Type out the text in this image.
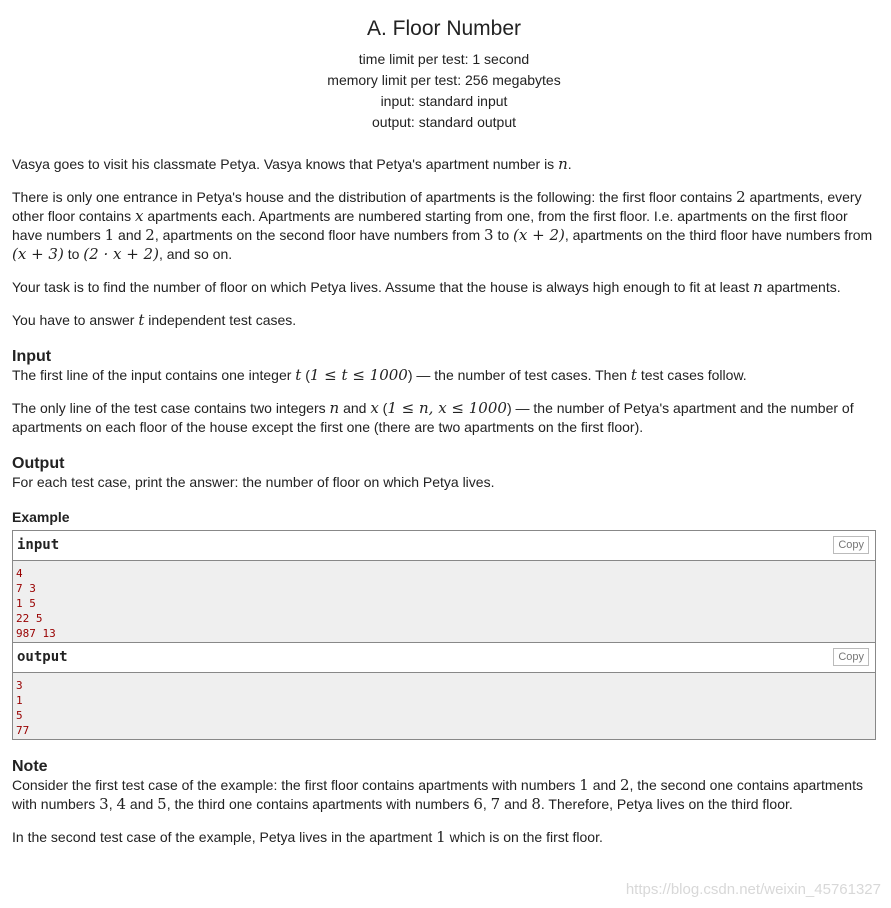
A. Floor Number
time limit per test: 1 second
memory limit per test: 256 megabytes
input: standard input
output: standard output

Vasya goes to visit his classmate Petya. Vasya knows that Petya's apartment number is n.

There is only one entrance in Petya's house and the distribution of apartments is the following: the first floor contains 2 apartments, every other floor contains x apartments each. Apartments are numbered starting from one, from the first floor. I.e. apartments on the first floor have numbers 1 and 2, apartments on the second floor have numbers from 3 to (x + 2), apartments on the third floor have numbers from (x + 3) to (2 · x + 2), and so on.

Your task is to find the number of floor on which Petya lives. Assume that the house is always high enough to fit at least n apartments.

You have to answer t independent test cases.

Input

The first line of the input contains one integer t (1 ≤ t ≤ 1000) — the number of test cases. Then t test cases follow.

The only line of the test case contains two integers n and x (1 ≤ n, x ≤ 1000) — the number of Petya's apartment and the number of apartments on each floor of the house except the first one (there are two apartments on the first floor).

Output

For each test case, print the answer: the number of floor on which Petya lives.

Example
input	Copy
4
7 3
1 5
22 5
987 13
output	Copy
3
1
5
77
Note

Consider the first test case of the example: the first floor contains apartments with numbers 1 and 2, the second one contains apartments with numbers 3, 4 and 5, the third one contains apartments with numbers 6, 7 and 8. Therefore, Petya lives on the third floor.

In the second test case of the example, Petya lives in the apartment 1 which is on the first floor.

https://blog.csdn.net/weixin_45761327
